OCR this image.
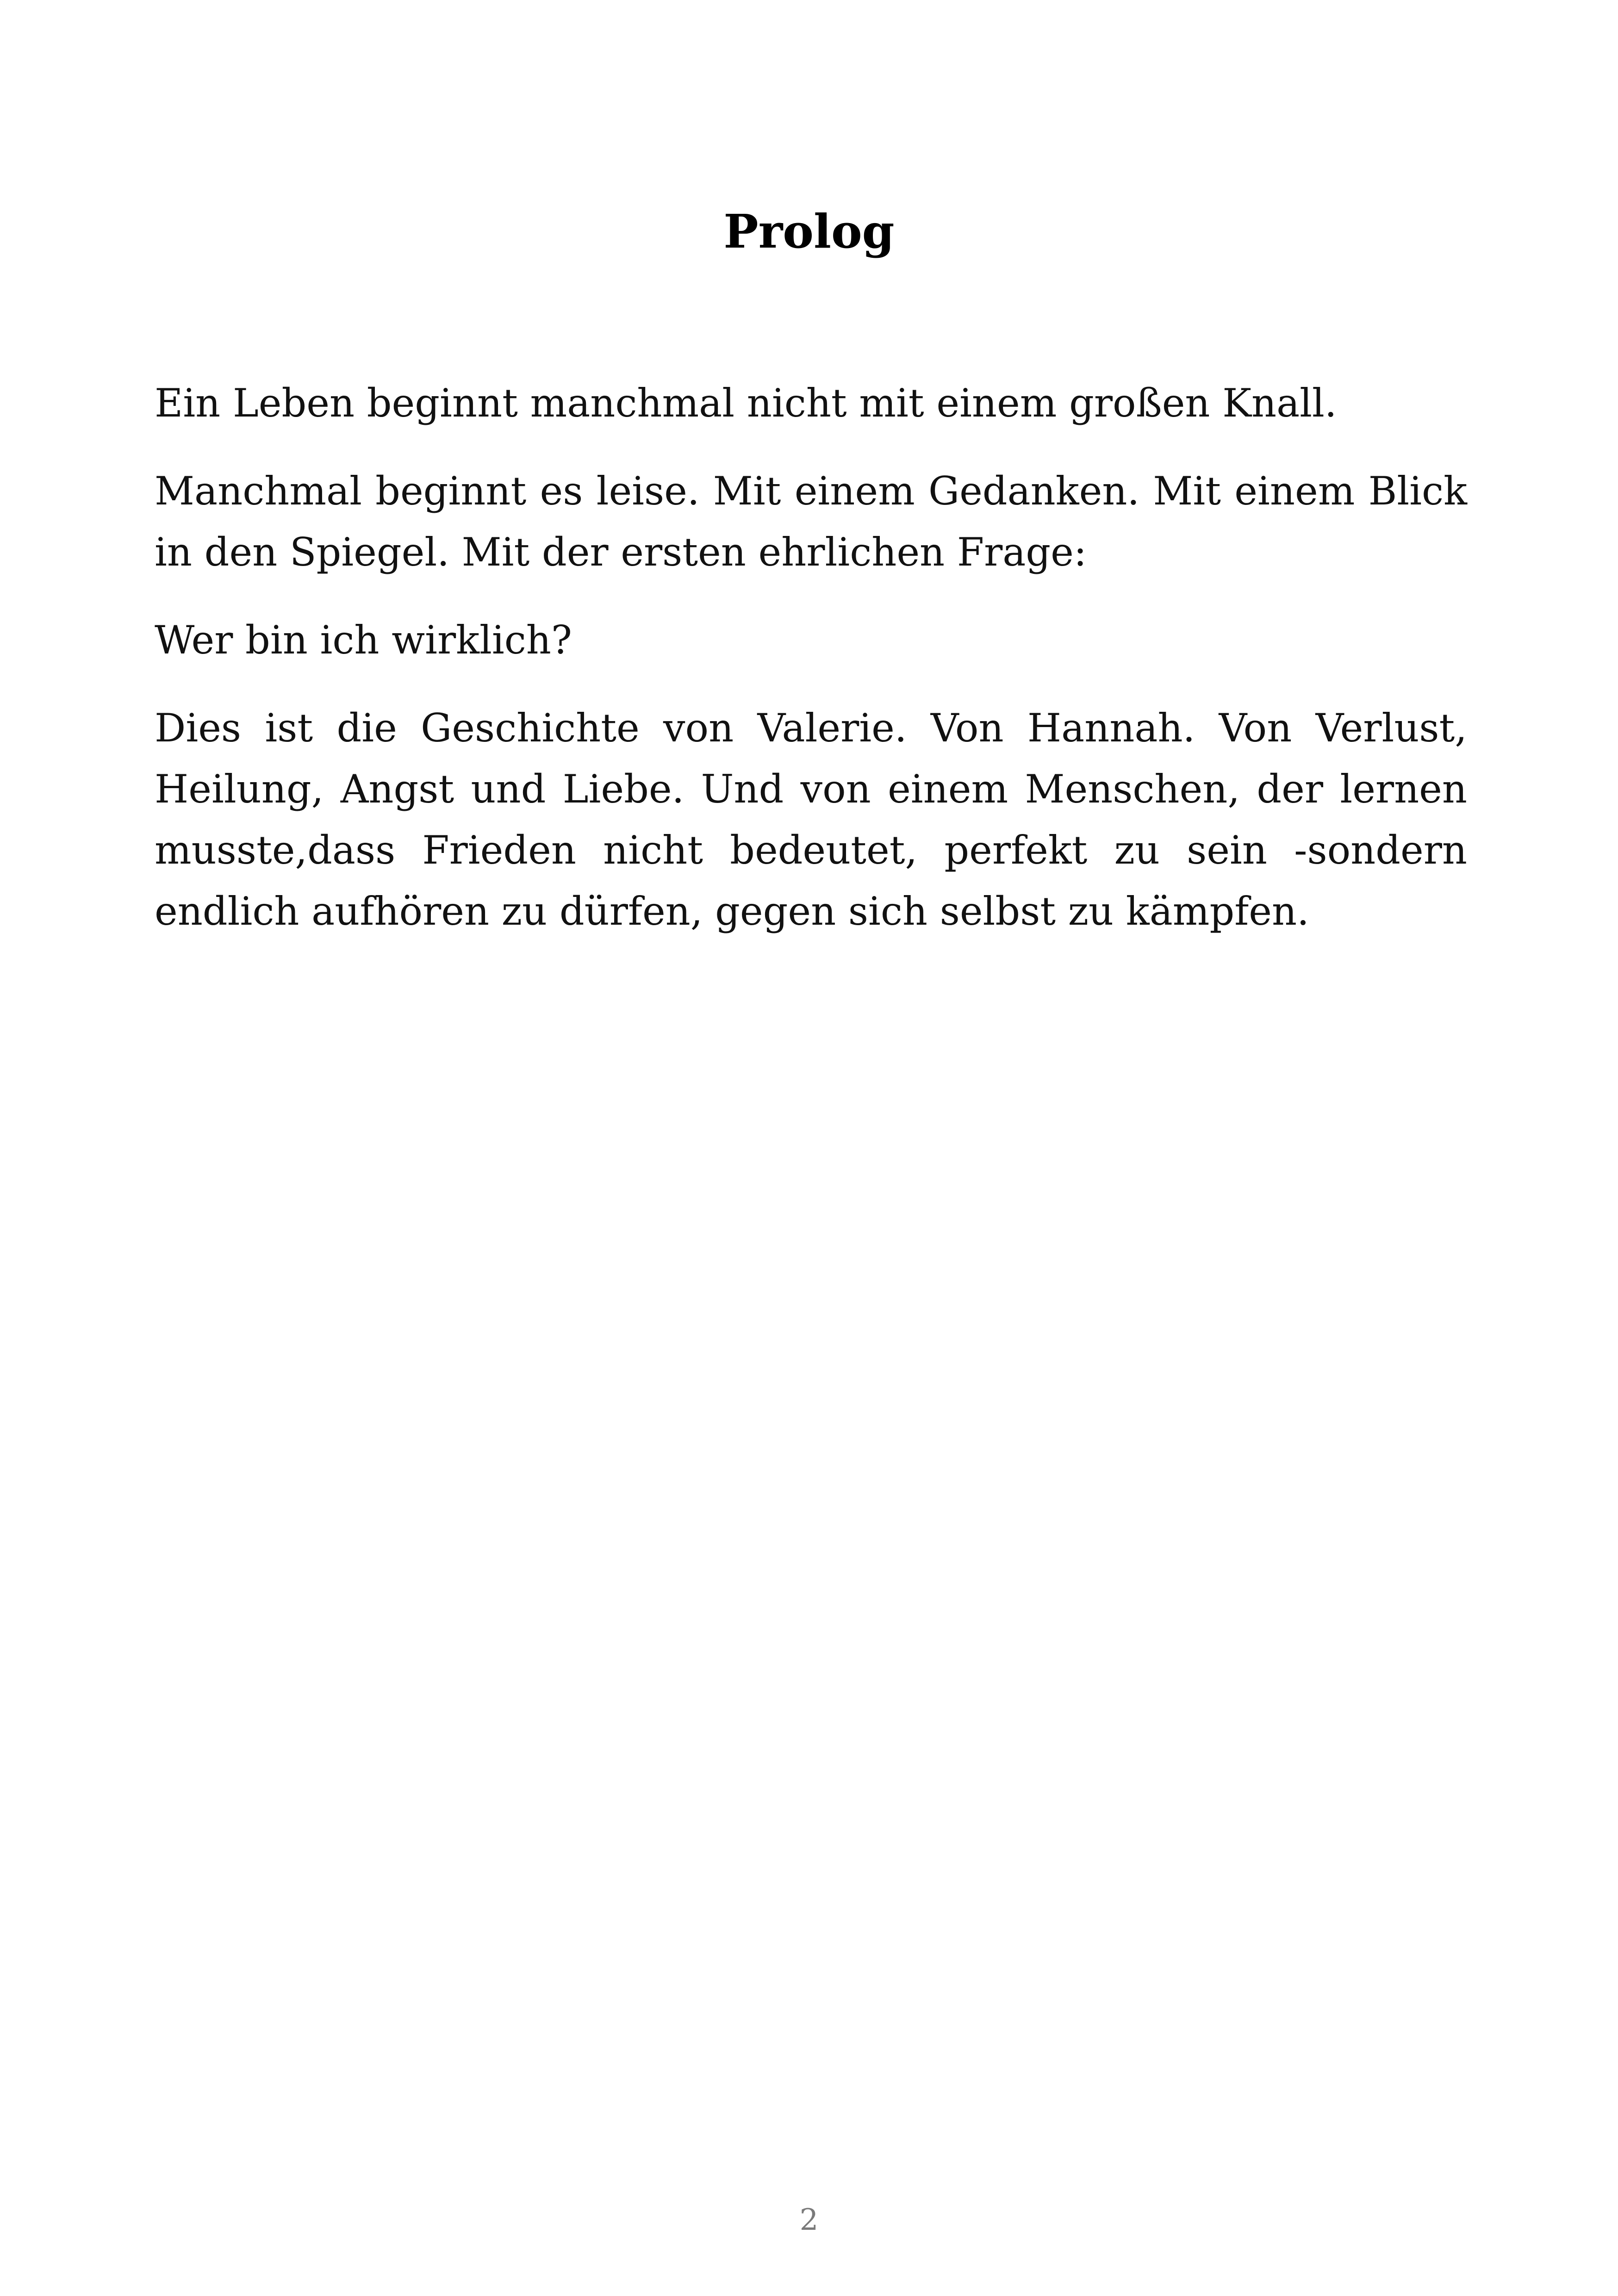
Prolog

Ein Leben beginnt manchmal nicht mit einem großen Knall.

Manchmal beginnt es leise. Mit einem Gedanken. Mit einem Blick in den Spiegel. Mit der ersten ehrlichen Frage:

Wer bin ich wirklich?

Dies ist die Geschichte von Valerie. Von Hannah. Von Verlust, Heilung, Angst und Liebe. Und von einem Menschen, der lernen musste,dass Frieden nicht bedeutet, perfekt zu sein -sondern endlich aufhören zu dürfen, gegen sich selbst zu kämpfen.

2
